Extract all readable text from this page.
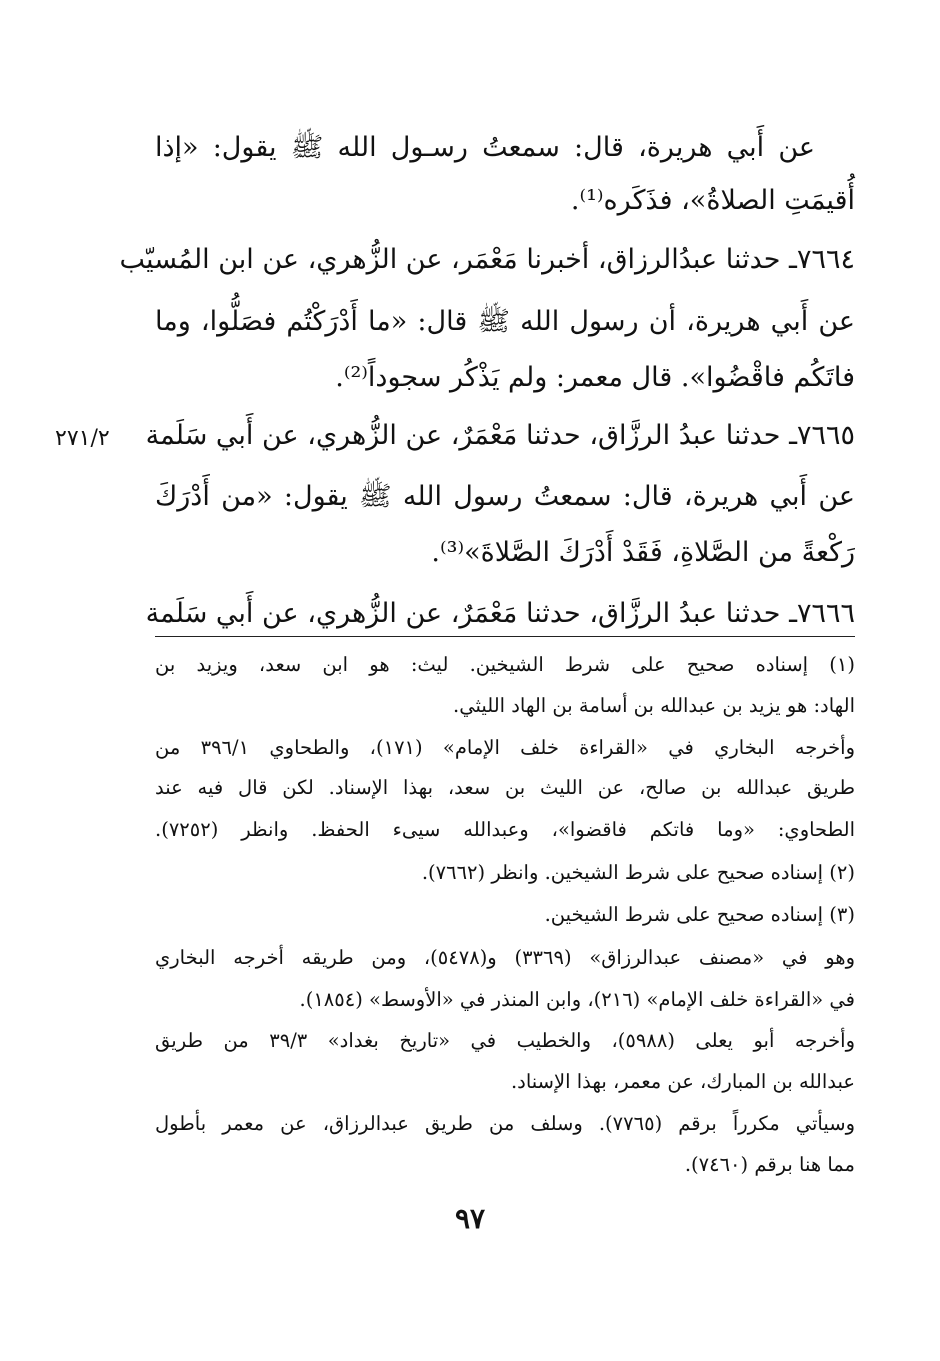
عن أَبي هريرة، قال: سمعتُ رسـول الله ﷺ يقول: «إذا
أُقيمَتِ الصلاةُ»، فذَكَره⁽¹⁾.
٧٦٦٤ـ حدثنا عبدُالرزاق، أخبرنا مَعْمَر، عن الزُّهري، عن ابن المُسيّب
عن أَبي هريرة، أن رسول الله ﷺ قال: «ما أَدْرَكْتُم فصَلُّوا، وما
فاتَكُم فاقْضُوا». قال معمر: ولم يَذْكُر سجوداً⁽²⁾.
٢٧١/٢	٧٦٦٥ـ حدثنا عبدُ الرزَّاق، حدثنا مَعْمَرٌ، عن الزُّهري، عن أَبي سَلَمة
عن أَبي هريرة، قال: سمعتُ رسول الله ﷺ يقول: «من أَدْرَكَ
رَكْعةً من الصَّلاةِ، فَقَدْ أَدْرَكَ الصَّلاةَ»⁽³⁾.
٧٦٦٦ـ حدثنا عبدُ الرزَّاق، حدثنا مَعْمَرٌ، عن الزُّهري، عن أَبي سَلَمة
(١) إسناده صحيح على شرط الشيخين. ليث: هو ابن سعد، ويزيد بن
الهاد: هو يزيد بن عبدالله بن أسامة بن الهاد الليثي.
وأخرجه البخاري في «القراءة خلف الإمام» (١٧١)، والطحاوي ٣٩٦/١ من
طريق عبدالله بن صالح، عن الليث بن سعد، بهذا الإسناد. لكن قال فيه عند
الطحاوي: «وما فاتكم فاقضوا»، وعبدالله سيىء الحفظ. وانظر (٧٢٥٢).
(٢) إسناده صحيح على شرط الشيخين. وانظر (٧٦٦٢).
(٣) إسناده صحيح على شرط الشيخين.
وهو في «مصنف عبدالرزاق» (٣٣٦٩) و(٥٤٧٨)، ومن طريقه أخرجه البخاري
في «القراءة خلف الإمام» (٢١٦)، وابن المنذر في «الأوسط» (١٨٥٤).
وأخرجه أبو يعلى (٥٩٨٨)، والخطيب في «تاريخ بغداد» ٣٩/٣ من طريق
عبدالله بن المبارك، عن معمر، بهذا الإسناد.
وسيأتي مكرراً برقم (٧٧٦٥). وسلف من طريق عبدالرزاق، عن معمر بأطول
مما هنا برقم (٧٤٦٠).
٩٧
